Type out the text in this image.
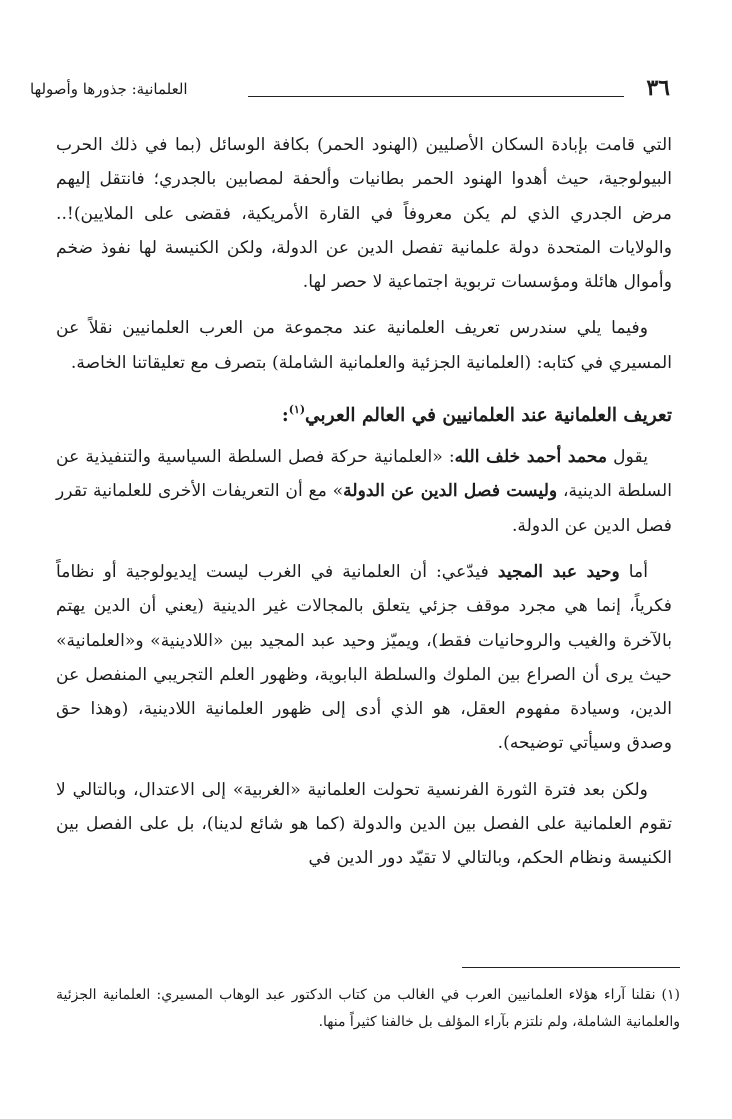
٣٦
العلمانية: جذورها وأصولها

التي قامت بإبادة السكان الأصليين (الهنود الحمر) بكافة الوسائل (بما في ذلك الحرب البيولوجية، حيث أهدوا الهنود الحمر بطانيات وألحفة لمصابين بالجدري؛ فانتقل إليهم مرض الجدري الذي لم يكن معروفاً في القارة الأمريكية، فقضى على الملايين)!.. والولايات المتحدة دولة علمانية تفصل الدين عن الدولة، ولكن الكنيسة لها نفوذ ضخم وأموال هائلة ومؤسسات تربوية اجتماعية لا حصر لها.

وفيما يلي سندرس تعريف العلمانية عند مجموعة من العرب العلمانيين نقلاً عن المسيري في كتابه: (العلمانية الجزئية والعلمانية الشاملة) بتصرف مع تعليقاتنا الخاصة.

تعريف العلمانية عند العلمانيين في العالم العربي$^{(١)}$:

يقول محمد أحمد خلف الله: «العلمانية حركة فصل السلطة السياسية والتنفيذية عن السلطة الدينية، وليست فصل الدين عن الدولة» مع أن التعريفات الأخرى للعلمانية تقرر فصل الدين عن الدولة.

أما وحيد عبد المجيد فيدّعي: أن العلمانية في الغرب ليست إيديولوجية أو نظاماً فكرياً، إنما هي مجرد موقف جزئي يتعلق بالمجالات غير الدينية (يعني أن الدين يهتم بالآخرة والغيب والروحانيات فقط)، ويميّز وحيد عبد المجيد بين «اللادينية» و«العلمانية» حيث يرى أن الصراع بين الملوك والسلطة البابوية، وظهور العلم التجريبي المنفصل عن الدين، وسيادة مفهوم العقل، هو الذي أدى إلى ظهور العلمانية اللادينية، (وهذا حق وصدق وسيأتي توضيحه).

ولكن بعد فترة الثورة الفرنسية تحولت العلمانية «الغربية» إلى الاعتدال، وبالتالي لا تقوم العلمانية على الفصل بين الدين والدولة (كما هو شائع لدينا)، بل على الفصل بين الكنيسة ونظام الحكم، وبالتالي لا تقيّد دور الدين في

(١)نقلنا آراء هؤلاء العلمانيين العرب في الغالب من كتاب الدكتور عبد الوهاب المسيري: العلمانية الجزئية والعلمانية الشاملة، ولم نلتزم بآراء المؤلف بل خالفنا كثيراً منها.
